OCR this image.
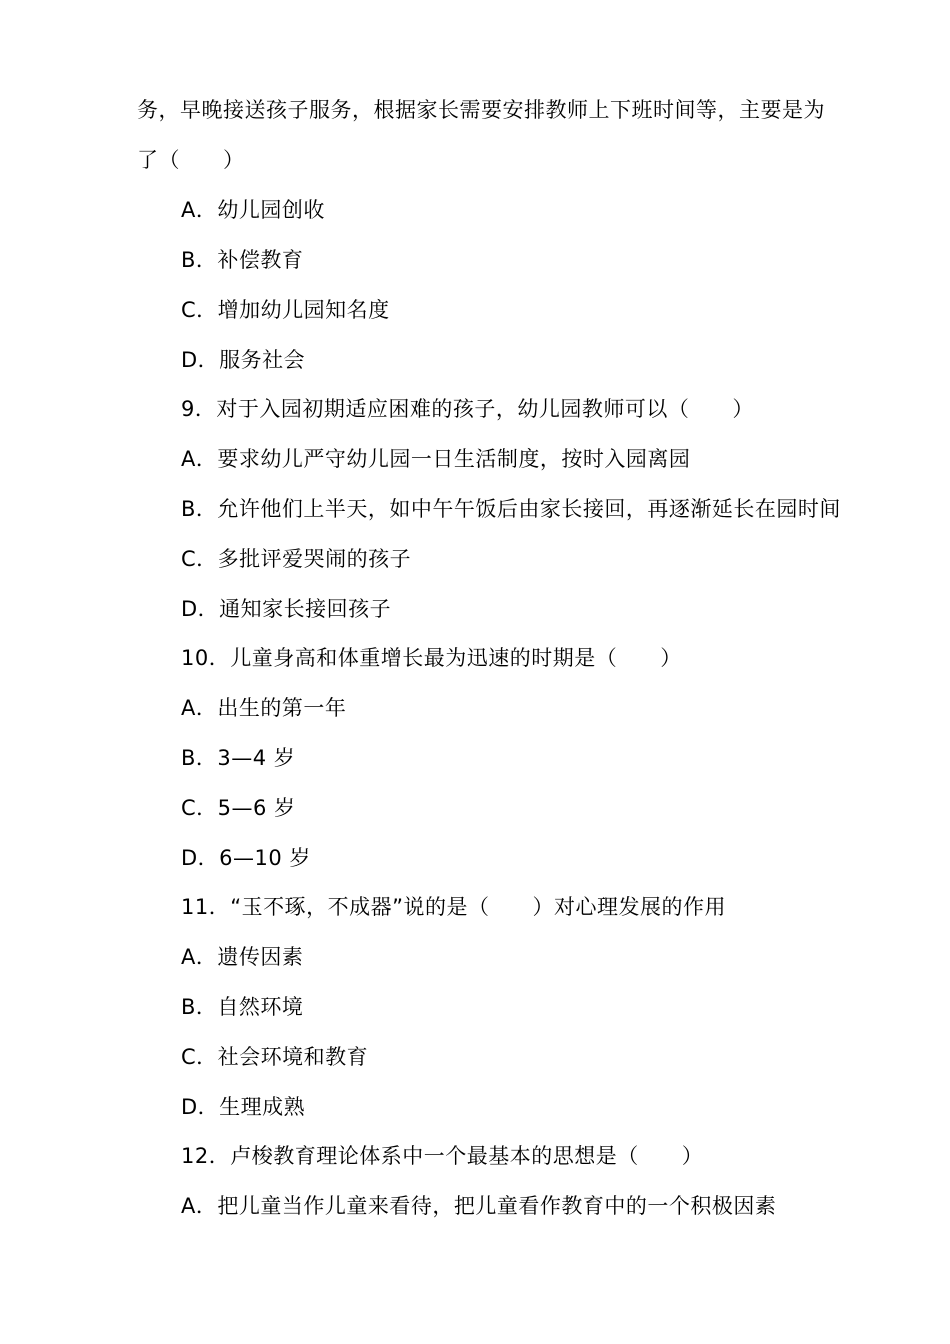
务，早晚接送孩子服务，根据家长需要安排教师上下班时间等，主要是为
了（　　）
A．幼儿园创收
B．补偿教育
C．增加幼儿园知名度
D．服务社会
9．对于入园初期适应困难的孩子，幼儿园教师可以（　　）
A．要求幼儿严守幼儿园一日生活制度，按时入园离园
B．允许他们上半天，如中午午饭后由家长接回，再逐渐延长在园时间
C．多批评爱哭闹的孩子
D．通知家长接回孩子
10．儿童身高和体重增长最为迅速的时期是（　　）
A．出生的第一年
B．3—4 岁
C．5—6 岁
D．6—10 岁
11．“玉不琢，不成器”说的是（　　）对心理发展的作用
A．遗传因素
B．自然环境
C．社会环境和教育
D．生理成熟
12．卢梭教育理论体系中一个最基本的思想是（　　）
A．把儿童当作儿童来看待，把儿童看作教育中的一个积极因素
